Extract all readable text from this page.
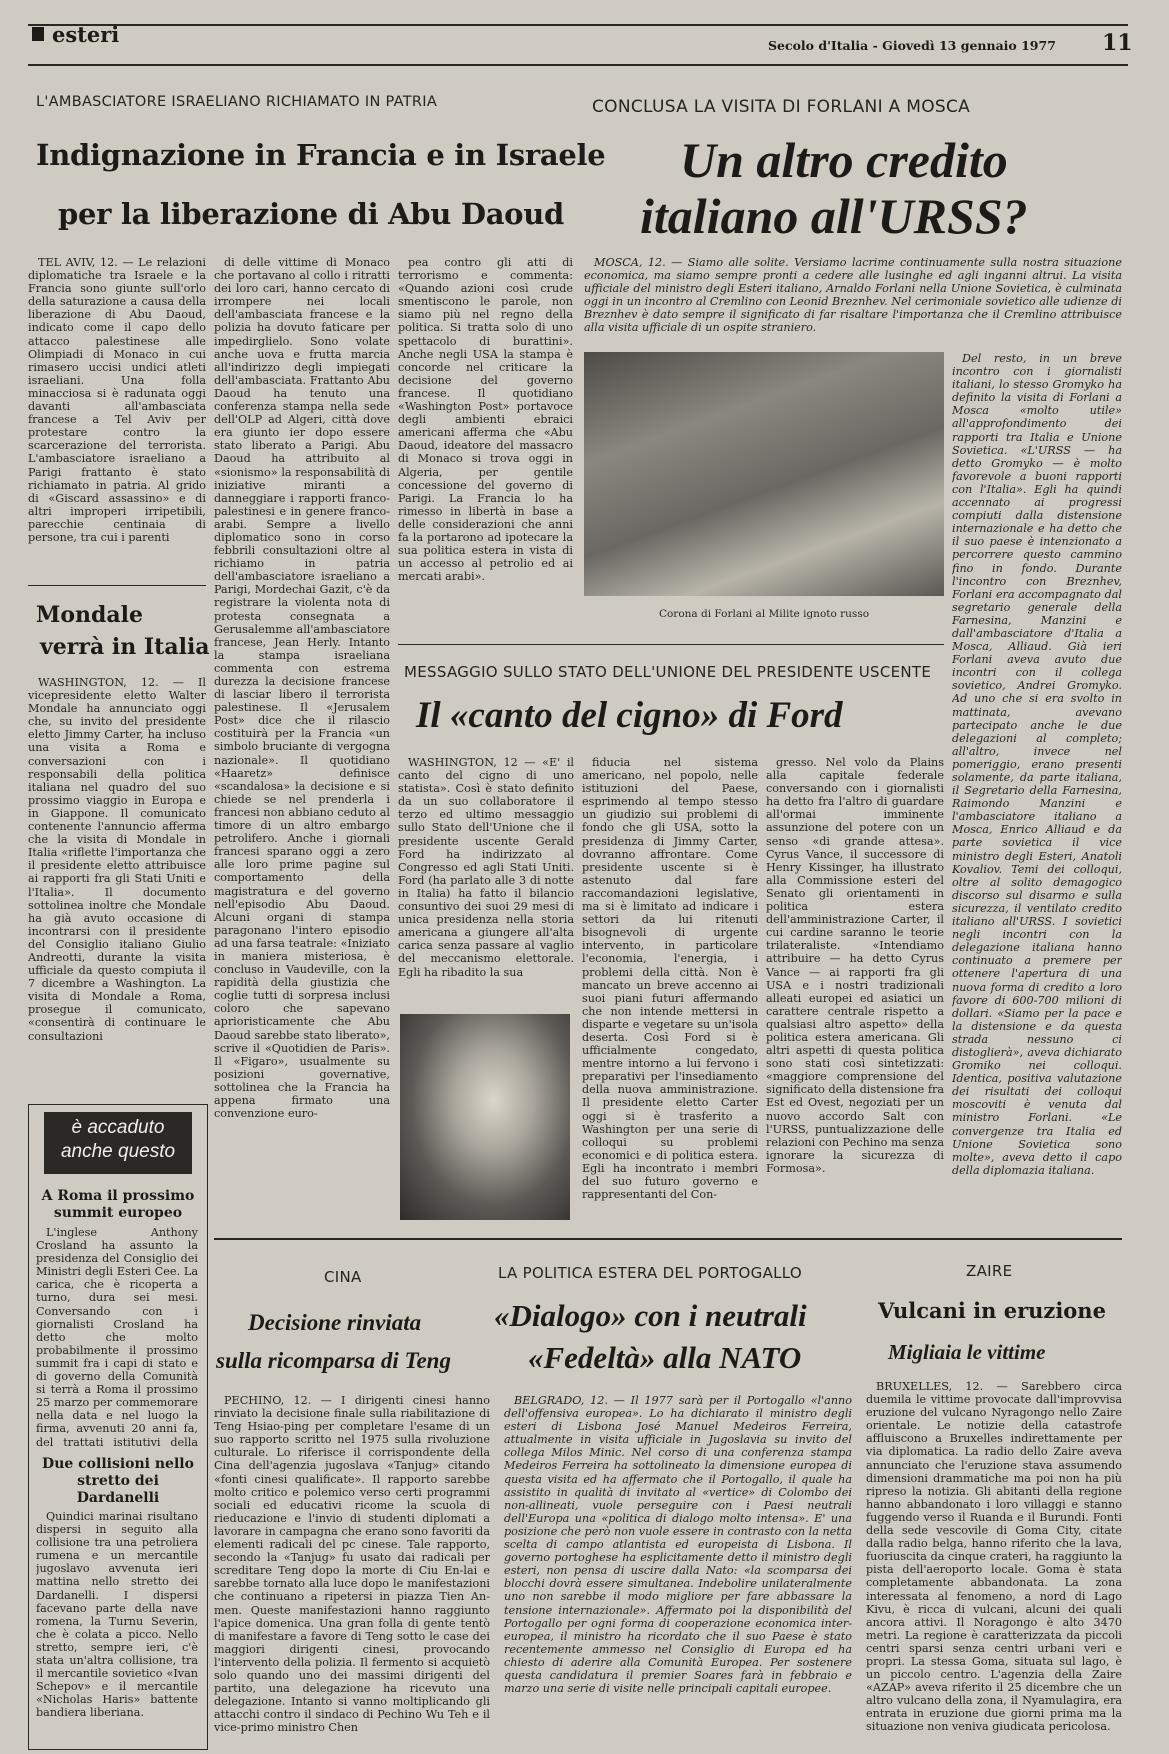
esteri	Secolo d'Italia - Giovedì 13 gennaio 1977 11
L'AMBASCIATORE ISRAELIANO RICHIAMATO IN PATRIA
Indignazione in Francia e in Israele
per la liberazione di Abu Daoud

TEL AVIV, 12. — Le relazioni diplomatiche tra Israele e la Francia sono giunte sull'orlo della saturazione a causa della liberazione di Abu Daoud, indicato come il capo dello attacco palestinese alle Olimpiadi di Monaco in cui rimasero uccisi undici atleti israeliani. Una folla minacciosa si è radunata oggi davanti all'ambasciata francese a Tel Aviv per protestare contro la scarcerazione del terrorista. L'ambasciatore israeliano a Parigi frattanto è stato richiamato in patria. Al grido di «Giscard assassino» e di altri improperi irripetibili, parecchie centinaia di persone, tra cui i parenti

di delle vittime di Monaco che portavano al collo i ritratti dei loro cari, hanno cercato di irrompere nei locali dell'ambasciata francese e la polizia ha dovuto faticare per impedirglielo. Sono volate anche uova e frutta marcia all'indirizzo degli impiegati dell'ambasciata. Frattanto Abu Daoud ha tenuto una conferenza stampa nella sede dell'OLP ad Algeri, città dove era giunto ier dopo essere stato liberato a Parigi. Abu Daoud ha attribuito al «sionismo» la responsabilità di iniziative miranti a danneggiare i rapporti franco-palestinesi e in genere franco-arabi. Sempre a livello diplomatico sono in corso febbrili consultazioni oltre al richiamo in patria dell'ambasciatore israeliano a Parigi, Mordechai Gazit, c'è da registrare la violenta nota di protesta consegnata a Gerusalemme all'ambasciatore francese, Jean Herly. Intanto la stampa israeliana commenta con estrema durezza la decisione francese di lasciar libero il terrorista palestinese. Il «Jerusalem Post» dice che il rilascio costituirà per la Francia «un simbolo bruciante di vergogna nazionale». Il quotidiano «Haaretz» definisce «scandalosa» la decisione e si chiede se nel prenderla i francesi non abbiano ceduto al timore di un altro embargo petrolifero. Anche i giornali francesi sparano oggi a zero alle loro prime pagine sul comportamento della magistratura e del governo nell'episodio Abu Daoud. Alcuni organi di stampa paragonano l'intero episodio ad una farsa teatrale: «Iniziato in maniera misteriosa, è concluso in Vaudeville, con la rapidità della giustizia che coglie tutti di sorpresa inclusi coloro che sapevano aprioristicamente che Abu Daoud sarebbe stato liberato», scrive il «Quotidien de Paris». Il «Figaro», usualmente su posizioni governative, sottolinea che la Francia ha appena firmato una convenzione euro-

pea contro gli atti di terrorismo e commenta: «Quando azioni così crude smentiscono le parole, non siamo più nel regno della politica. Si tratta solo di uno spettacolo di burattini». Anche negli USA la stampa è concorde nel criticare la decisione del governo francese. Il quotidiano «Washington Post» portavoce degli ambienti ebraici americani afferma che «Abu Daoud, ideatore del massacro di Monaco si trova oggi in Algeria, per gentile concessione del governo di Parigi. La Francia lo ha rimesso in libertà in base a delle considerazioni che anni fa la portarono ad ipotecare la sua politica estera in vista di un accesso al petrolio ed ai mercati arabi».

Mondale
verrà in Italia

WASHINGTON, 12. — Il vicepresidente eletto Walter Mondale ha annunciato oggi che, su invito del presidente eletto Jimmy Carter, ha incluso una visita a Roma e conversazioni con i responsabili della politica italiana nel quadro del suo prossimo viaggio in Europa e in Giappone. Il comunicato contenente l'annuncio afferma che la visita di Mondale in Italia «riflette l'importanza che il presidente eletto attribuisce ai rapporti fra gli Stati Uniti e l'Italia». Il documento sottolinea inoltre che Mondale ha già avuto occasione di incontrarsi con il presidente del Consiglio italiano Giulio Andreotti, durante la visita ufficiale da questo compiuta il 7 dicembre a Washington. La visita di Mondale a Roma, prosegue il comunicato, «consentirà di continuare le consultazioni

è accaduto anche questo
A Roma il prossimo summit europeo

L'inglese Anthony Crosland ha assunto la presidenza del Consiglio dei Ministri degli Esteri Cee. La carica, che è ricoperta a turno, dura sei mesi. Conversando con i giornalisti Crosland ha detto che molto probabilmente il prossimo summit fra i capi di stato e di governo della Comunità si terrà a Roma il prossimo 25 marzo per commemorare nella data e nel luogo la firma, avvenuti 20 anni fa, del trattati istitutivi della

Due collisioni nello stretto dei Dardanelli

Quindici marinai risultano dispersi in seguito alla collisione tra una petroliera rumena e un mercantile jugoslavo avvenuta ieri mattina nello stretto dei Dardanelli. I dispersi facevano parte della nave romena, la Turnu Severin, che è colata a picco. Nello stretto, sempre ieri, c'è stata un'altra collisione, tra il mercantile sovietico «Ivan Schepov» e il mercantile «Nicholas Haris» battente bandiera liberiana.

CONCLUSA LA VISITA DI FORLANI A MOSCA
Un altro credito
italiano all'URSS?

MOSCA, 12. — Siamo alle solite. Versiamo lacrime continuamente sulla nostra situazione economica, ma siamo sempre pronti a cedere alle lusinghe ed agli inganni altrui. La visita ufficiale del ministro degli Esteri italiano, Arnaldo Forlani nella Unione Sovietica, è culminata oggi in un incontro al Cremlino con Leonid Breznhev. Nel cerimoniale sovietico alle udienze di Breznhev è dato sempre il significato di far risaltare l'importanza che il Cremlino attribuisce alla visita ufficiale di un ospite straniero.

Corona di Forlani al Milite ignoto russo

Del resto, in un breve incontro con i giornalisti italiani, lo stesso Gromyko ha definito la visita di Forlani a Mosca «molto utile» all'approfondimento dei rapporti tra Italia e Unione Sovietica. «L'URSS — ha detto Gromyko — è molto favorevole a buoni rapporti con l'Italia». Egli ha quindi accennato ai progressi compiuti dalla distensione internazionale e ha detto che il suo paese è intenzionato a percorrere questo cammino fino in fondo. Durante l'incontro con Breznhev, Forlani era accompagnato dal segretario generale della Farnesina, Manzini e dall'ambasciatore d'Italia a Mosca, Alliaud. Già ieri Forlani aveva avuto due incontri con il collega sovietico, Andrei Gromyko. Ad uno che si era svolto in mattinata, avevano partecipato anche le due delegazioni al completo; all'altro, invece nel pomeriggio, erano presenti solamente, da parte italiana, il Segretario della Farnesina, Raimondo Manzini e l'ambasciatore italiano a Mosca, Enrico Alliaud e da parte sovietica il vice ministro degli Esteri, Anatoli Kovaliov. Temi dei colloqui, oltre al solito demagogico discorso sul disarmo e sulla sicurezza, il ventilato credito italiano all'URSS. I sovietici negli incontri con la delegazione italiana hanno continuato a premere per ottenere l'apertura di una nuova forma di credito a loro favore di 600-700 milioni di dollari. «Siamo per la pace e la distensione e da questa strada nessuno ci distoglierà», aveva dichiarato Gromiko nei colloqui. Identica, positiva valutazione dei risultati dei colloqui moscoviti è venuta dal ministro Forlani. «Le convergenze tra Italia ed Unione Sovietica sono molte», aveva detto il capo della diplomazia italiana.

MESSAGGIO SULLO STATO DELL'UNIONE DEL PRESIDENTE USCENTE
Il «canto del cigno» di Ford

WASHINGTON, 12 — «E' il canto del cigno di uno statista». Così è stato definito da un suo collaboratore il terzo ed ultimo messaggio sullo Stato dell'Unione che il presidente uscente Gerald Ford ha indirizzato al Congresso ed agli Stati Uniti. Ford (ha parlato alle 3 di notte in Italia) ha fatto il bilancio consuntivo dei suoi 29 mesi di unica presidenza nella storia americana a giungere all'alta carica senza passare al vaglio del meccanismo elettorale. Egli ha ribadito la sua

fiducia nel sistema americano, nel popolo, nelle istituzioni del Paese, esprimendo al tempo stesso un giudizio sui problemi di fondo che gli USA, sotto la presidenza di Jimmy Carter, dovranno affrontare. Come presidente uscente si è astenuto dal fare raccomandazioni legislative, ma si è limitato ad indicare i settori da lui ritenuti bisognevoli di urgente intervento, in particolare l'economia, l'energia, i problemi della città. Non è mancato un breve accenno ai suoi piani futuri affermando che non intende mettersi in disparte e vegetare su un'isola deserta. Così Ford si è ufficialmente congedato, mentre intorno a lui fervono i preparativi per l'insediamento della nuova amministrazione. Il presidente eletto Carter oggi si è trasferito a Washington per una serie di colloqui su problemi economici e di politica estera. Egli ha incontrato i membri del suo futuro governo e rappresentanti del Con-

gresso. Nel volo da Plains alla capitale federale conversando con i giornalisti ha detto fra l'altro di guardare all'ormai imminente assunzione del potere con un senso «di grande attesa». Cyrus Vance, il successore di Henry Kissinger, ha illustrato alla Commissione esteri del Senato gli orientamenti in politica estera dell'amministrazione Carter, il cui cardine saranno le teorie trilateraliste. «Intendiamo attribuire — ha detto Cyrus Vance — ai rapporti fra gli USA e i nostri tradizionali alleati europei ed asiatici un carattere centrale rispetto a qualsiasi altro aspetto» della politica estera americana. Gli altri aspetti di questa politica sono stati così sintetizzati: «maggiore comprensione del significato della distensione fra Est ed Ovest, negoziati per un nuovo accordo Salt con l'URSS, puntualizzazione delle relazioni con Pechino ma senza ignorare la sicurezza di Formosa».

CINA
Decisione rinviata
sulla ricomparsa di Teng

PECHINO, 12. — I dirigenti cinesi hanno rinviato la decisione finale sulla riabilitazione di Teng Hsiao-ping per completare l'esame di un suo rapporto scritto nel 1975 sulla rivoluzione culturale. Lo riferisce il corrispondente della Cina dell'agenzia jugoslava «Tanjug» citando «fonti cinesi qualificate». Il rapporto sarebbe molto critico e polemico verso certi programmi sociali ed educativi ricome la scuola di rieducazione e l'invio di studenti diplomati a lavorare in campagna che erano sono favoriti da elementi radicali del pc cinese. Tale rapporto, secondo la «Tanjug» fu usato dai radicali per screditare Teng dopo la morte di Ciu En-lai e sarebbe tornato alla luce dopo le manifestazioni che continuano a ripetersi in piazza Tien An-men. Queste manifestazioni hanno raggiunto l'apice domenica. Una gran folla di gente tentò di manifestare a favore di Teng sotto le case dei maggiori dirigenti cinesi, provocando l'intervento della polizia. Il fermento si acquietò solo quando uno dei massimi dirigenti del partito, una delegazione ha ricevuto una delegazione. Intanto si vanno moltiplicando gli attacchi contro il sindaco di Pechino Wu Teh e il vice-primo ministro Chen

LA POLITICA ESTERA DEL PORTOGALLO
«Dialogo» con i neutrali
«Fedeltà» alla NATO

BELGRADO, 12. — Il 1977 sarà per il Portogallo «l'anno dell'offensiva europea». Lo ha dichiarato il ministro degli esteri di Lisbona José Manuel Medeiros Ferreira, attualmente in visita ufficiale in Jugoslavia su invito del collega Milos Minic. Nel corso di una conferenza stampa Medeiros Ferreira ha sottolineato la dimensione europea di questa visita ed ha affermato che il Portogallo, il quale ha assistito in qualità di invitato al «vertice» di Colombo dei non-allineati, vuole perseguire con i Paesi neutrali dell'Europa una «politica di dialogo molto intensa». E' una posizione che però non vuole essere in contrasto con la netta scelta di campo atlantista ed europeista di Lisbona. Il governo portoghese ha esplicitamente detto il ministro degli esteri, non pensa di uscire dalla Nato: «la scomparsa dei blocchi dovrà essere simultanea. Indebolire unilateralmente uno non sarebbe il modo migliore per fare abbassare la tensione internazionale». Affermato poi la disponibilità del Portogallo per ogni forma di cooperazione economica inter-europea, il ministro ha ricordato che il suo Paese è stato recentemente ammesso nel Consiglio di Europa ed ha chiesto di aderire alla Comunità Europea. Per sostenere questa candidatura il premier Soares farà in febbraio e marzo una serie di visite nelle principali capitali europee.

ZAIRE
Vulcani in eruzione
Migliaia le vittime

BRUXELLES, 12. — Sarebbero circa duemila le vittime provocate dall'improvvisa eruzione del vulcano Nyragongo nello Zaire orientale. Le notizie della catastrofe affluiscono a Bruxelles indirettamente per via diplomatica. La radio dello Zaire aveva annunciato che l'eruzione stava assumendo dimensioni drammatiche ma poi non ha più ripreso la notizia. Gli abitanti della regione hanno abbandonato i loro villaggi e stanno fuggendo verso il Ruanda e il Burundi. Fonti della sede vescovile di Goma City, citate dalla radio belga, hanno riferito che la lava, fuoriuscita da cinque crateri, ha raggiunto la pista dell'aeroporto locale. Goma è stata completamente abbandonata. La zona interessata al fenomeno, a nord di Lago Kivu, è ricca di vulcani, alcuni dei quali ancora attivi. Il Noragongo è alto 3470 metri. La regione è caratterizzata da piccoli centri sparsi senza centri urbani veri e propri. La stessa Goma, situata sul lago, è un piccolo centro. L'agenzia della Zaire «AZAP» aveva riferito il 25 dicembre che un altro vulcano della zona, il Nyamulagira, era entrata in eruzione due giorni prima ma la situazione non veniva giudicata pericolosa.
